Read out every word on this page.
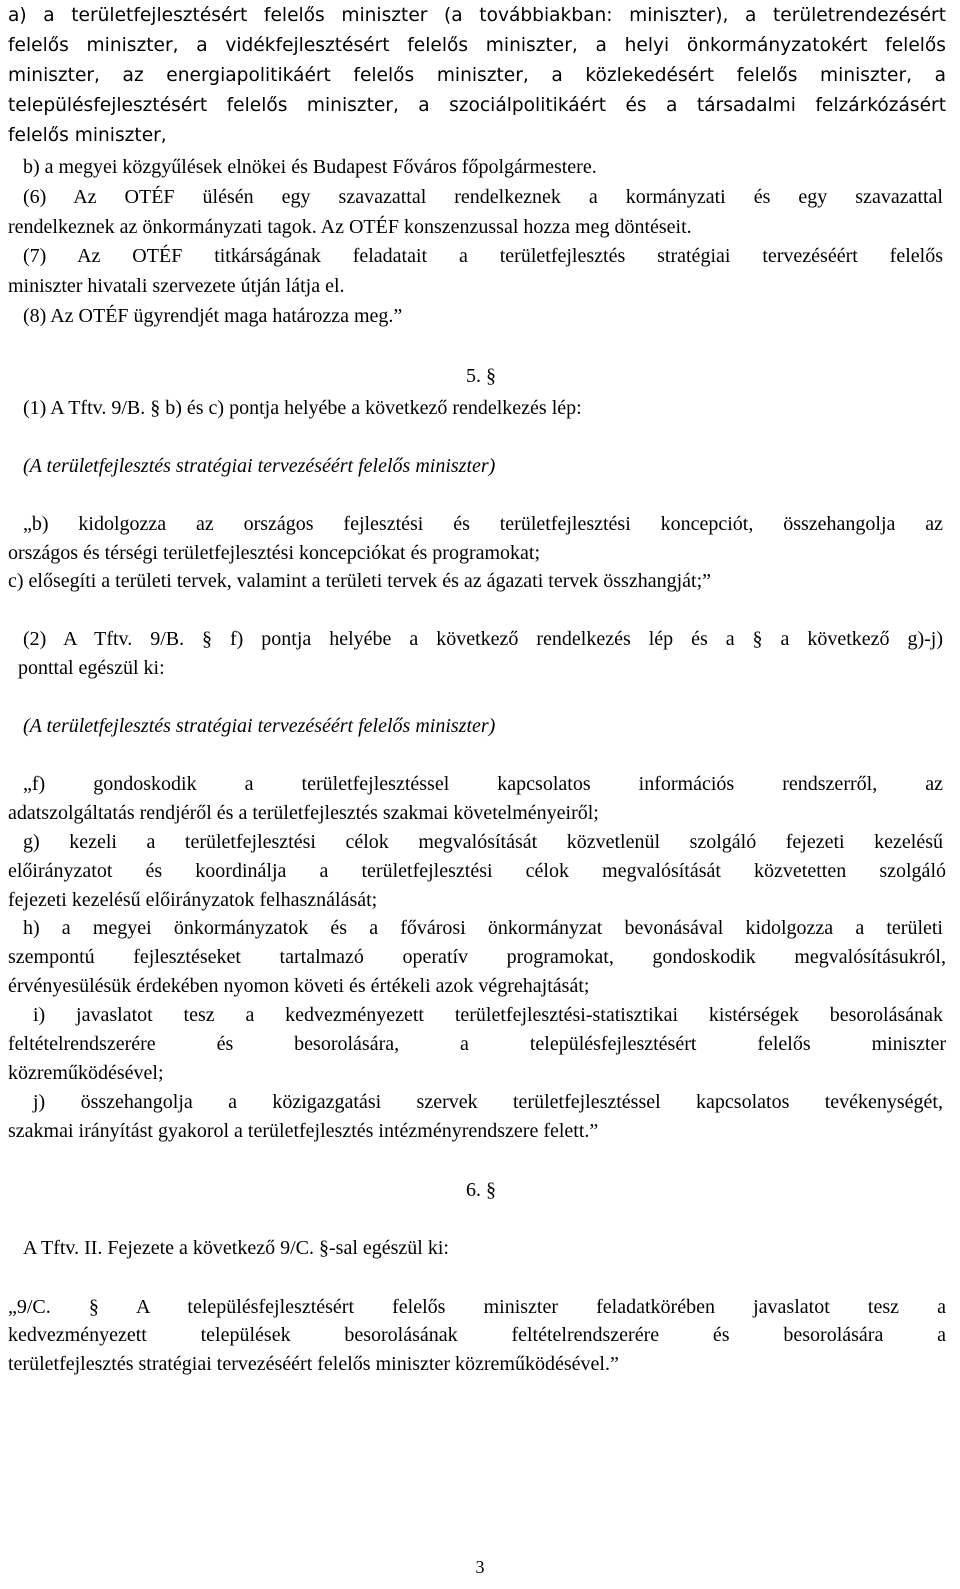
a) a területfejlesztésért felelős miniszter (a továbbiakban: miniszter), a területrendezésért
felelős miniszter, a vidékfejlesztésért felelős miniszter, a helyi önkormányzatokért felelős
miniszter, az energiapolitikáért felelős miniszter, a közlekedésért felelős miniszter, a
településfejlesztésért felelős miniszter, a szociálpolitikáért és a társadalmi felzárkózásért
felelős miniszter,
b) a megyei közgyűlések elnökei és Budapest Főváros főpolgármestere.
(6) Az OTÉF ülésén egy szavazattal rendelkeznek a kormányzati és egy szavazattal
rendelkeznek az önkormányzati tagok. Az OTÉF konszenzussal hozza meg döntéseit.
(7) Az OTÉF titkárságának feladatait a területfejlesztés stratégiai tervezéséért felelős
miniszter hivatali szervezete útján látja el.
(8) Az OTÉF ügyrendjét maga határozza meg.”
5. §
(1) A Tftv. 9/B. § b) és c) pontja helyébe a következő rendelkezés lép:
(A területfejlesztés stratégiai tervezéséért felelős miniszter)
„b) kidolgozza az országos fejlesztési és területfejlesztési koncepciót, összehangolja az
országos és térségi területfejlesztési koncepciókat és programokat;
c) elősegíti a területi tervek, valamint a területi tervek és az ágazati tervek összhangját;”
(2) A Tftv. 9/B. § f) pontja helyébe a következő rendelkezés lép és a § a következő g)-j)
ponttal egészül ki:
(A területfejlesztés stratégiai tervezéséért felelős miniszter)
„f) gondoskodik a területfejlesztéssel kapcsolatos információs rendszerről, az
adatszolgáltatás rendjéről és a területfejlesztés szakmai követelményeiről;
g) kezeli a területfejlesztési célok megvalósítását közvetlenül szolgáló fejezeti kezelésű
előirányzatot és koordinálja a területfejlesztési célok megvalósítását közvetetten szolgáló
fejezeti kezelésű előirányzatok felhasználását;
h) a megyei önkormányzatok és a fővárosi önkormányzat bevonásával kidolgozza a területi
szempontú fejlesztéseket tartalmazó operatív programokat, gondoskodik megvalósításukról,
érvényesülésük érdekében nyomon követi és értékeli azok végrehajtását;
i) javaslatot tesz a kedvezményezett területfejlesztési-statisztikai kistérségek besorolásának
feltételrendszerére és besorolására, a településfejlesztésért felelős miniszter
közreműködésével;
j) összehangolja a közigazgatási szervek területfejlesztéssel kapcsolatos tevékenységét,
szakmai irányítást gyakorol a területfejlesztés intézményrendszere felett.”
6. §
A Tftv. II. Fejezete a következő 9/C. §-sal egészül ki:
„9/C. § A településfejlesztésért felelős miniszter feladatkörében javaslatot tesz a
kedvezményezett települések besorolásának feltételrendszerére és besorolására a
területfejlesztés stratégiai tervezéséért felelős miniszter közreműködésével.”
3
